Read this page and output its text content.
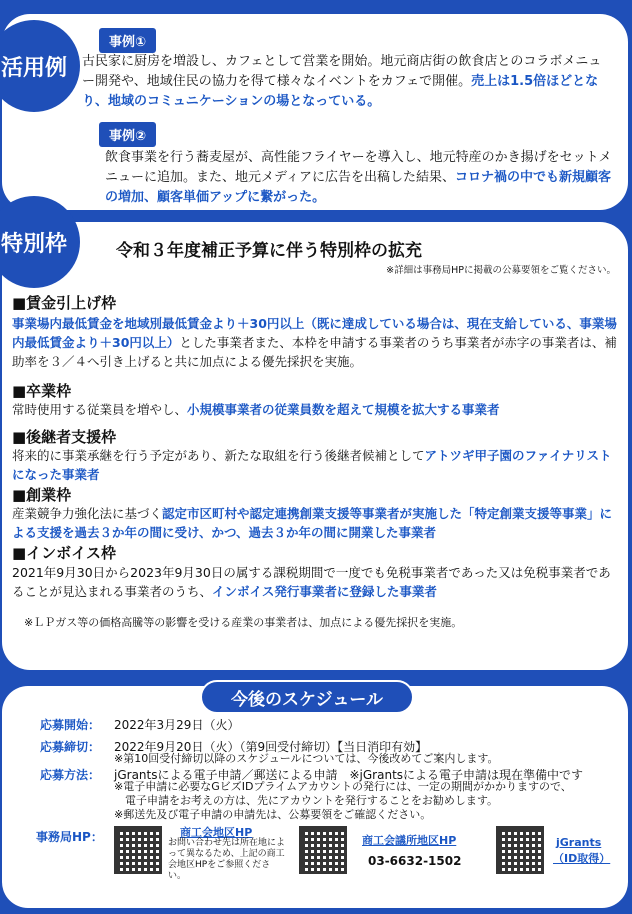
活用例
事例①
古民家に厨房を増設し、カフェとして営業を開始。地元商店街の飲食店とのコラボメニュー開発や、地域住民の協力を得て様々なイベントをカフェで開催。売上は1.5倍ほどとなり、地域のコミュニケーションの場となっている。
事例②
飲食事業を行う蕎麦屋が、高性能フライヤーを導入し、地元特産のかき揚げをセットメニューに追加。また、地元メディアに広告を出稿した結果、コロナ禍の中でも新規顧客の増加、顧客単価アップに繋がった。
特別枠	令和３年度補正予算に伴う特別枠の拡充
※詳細は事務局HPに掲載の公募要領をご覧ください。
■賃金引上げ枠
事業場内最低賃金を地域別最低賃金より＋30円以上（既に達成している場合は、現在支給している、事業場内最低賃金より＋30円以上）とした事業者また、本枠を申請する事業者のうち事業者が赤字の事業者は、補助率を３／４へ引き上げると共に加点による優先採択を実施。
■卒業枠
常時使用する従業員を増やし、小規模事業者の従業員数を超えて規模を拡大する事業者
■後継者支援枠
将来的に事業承継を行う予定があり、新たな取組を行う後継者候補としてアトツギ甲子園のファイナリストになった事業者
■創業枠
産業競争力強化法に基づく認定市区町村や認定連携創業支援等事業者が実施した「特定創業支援等事業」による支援を過去３か年の間に受け、かつ、過去３か年の間に開業した事業者
■インボイス枠
2021年9月30日から2023年9月30日の属する課税期間で一度でも免税事業者であった又は免税事業者であることが見込まれる事業者のうち、インボイス発行事業者に登録した事業者
※ＬＰガス等の価格高騰等の影響を受ける産業の事業者は、加点による優先採択を実施。
今後のスケジュール
応募開始： 2022年3月29日（火）
応募締切： 2022年9月20日（火）（第9回受付締切）【当日消印有効】
※第10回受付締切以降のスケジュールについては、今後改めてご案内します。
応募方法： jGrantsによる電子申請／郵送による申請　※jGrantsによる電子申請は現在準備中です
※電子申請に必要なGビズIDプライムアカウントの発行には、一定の期間がかかりますので、
　電子申請をお考えの方は、先にアカウントを発行することをお勧めします。
※郵送先及び電子申請の申請先は、公募要領をご確認ください。
事務局HP：	商工会地区HP
お問い合わせ先は所在地によって異なるため、上記の商工会地区HPをご参照ください。
商工会議所地区HP
03-6632-1502
jGrants
（ID取得）
